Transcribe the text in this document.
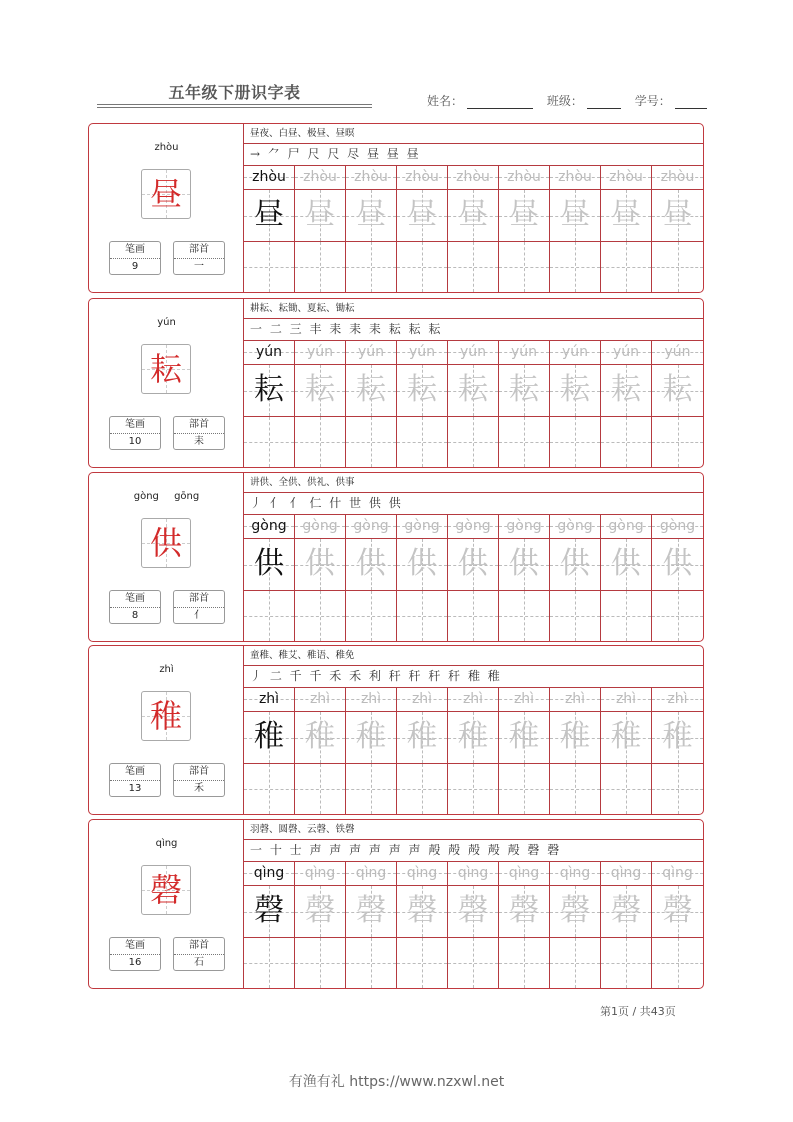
五年级下册识字表	姓名：	班级：	学号：
zhòu
昼
笔画
9
部首
一
昼夜、白昼、极昼、昼暝
→ ⺈ 尸 尺 尺 尽 昼 昼 昼
zhòu	zhòu	zhòu	zhòu	zhòu	zhòu	zhòu	zhòu	zhòu
昼 昼 昼 昼 昼 昼 昼 昼 昼
yún
耘
笔画
10
部首
耒
耕耘、耘锄、夏耘、锄耘
一 二 三 丰 耒 耒 耒 耘 耘 耘
yún	yún	yún	yún	yún	yún	yún	yún	yún
耘 耘 耘 耘 耘 耘 耘 耘 耘
gòng gōng
供
笔画
8
部首
亻
讲供、全供、供礼、供事
丿 亻 亻 仁 什 世 供 供
gòng	gòng	gòng	gòng	gòng	gòng	gòng	gòng	gòng
供 供 供 供 供 供 供 供 供
zhì
稚
笔画
13
部首
禾
童稚、稚艾、稚语、稚免
丿 二 千 千 禾 禾 利 秆 秆 秆 秆 稚 稚
zhì	zhì	zhì	zhì	zhì	zhì	zhì	zhì	zhì
稚 稚 稚 稚 稚 稚 稚 稚 稚
qìng
磬
笔画
16
部首
石
羽磬、圆磬、云磬、铁磬
一 十 士 声 声 声 声 声 声 殸 殸 殸 殸 殸 磬 磬
qìng	qìng	qìng	qìng	qìng	qìng	qìng	qìng	qìng
磬 磬 磬 磬 磬 磬 磬 磬 磬
第1页 / 共43页
有渔有礼 https://www.nzxwl.net
